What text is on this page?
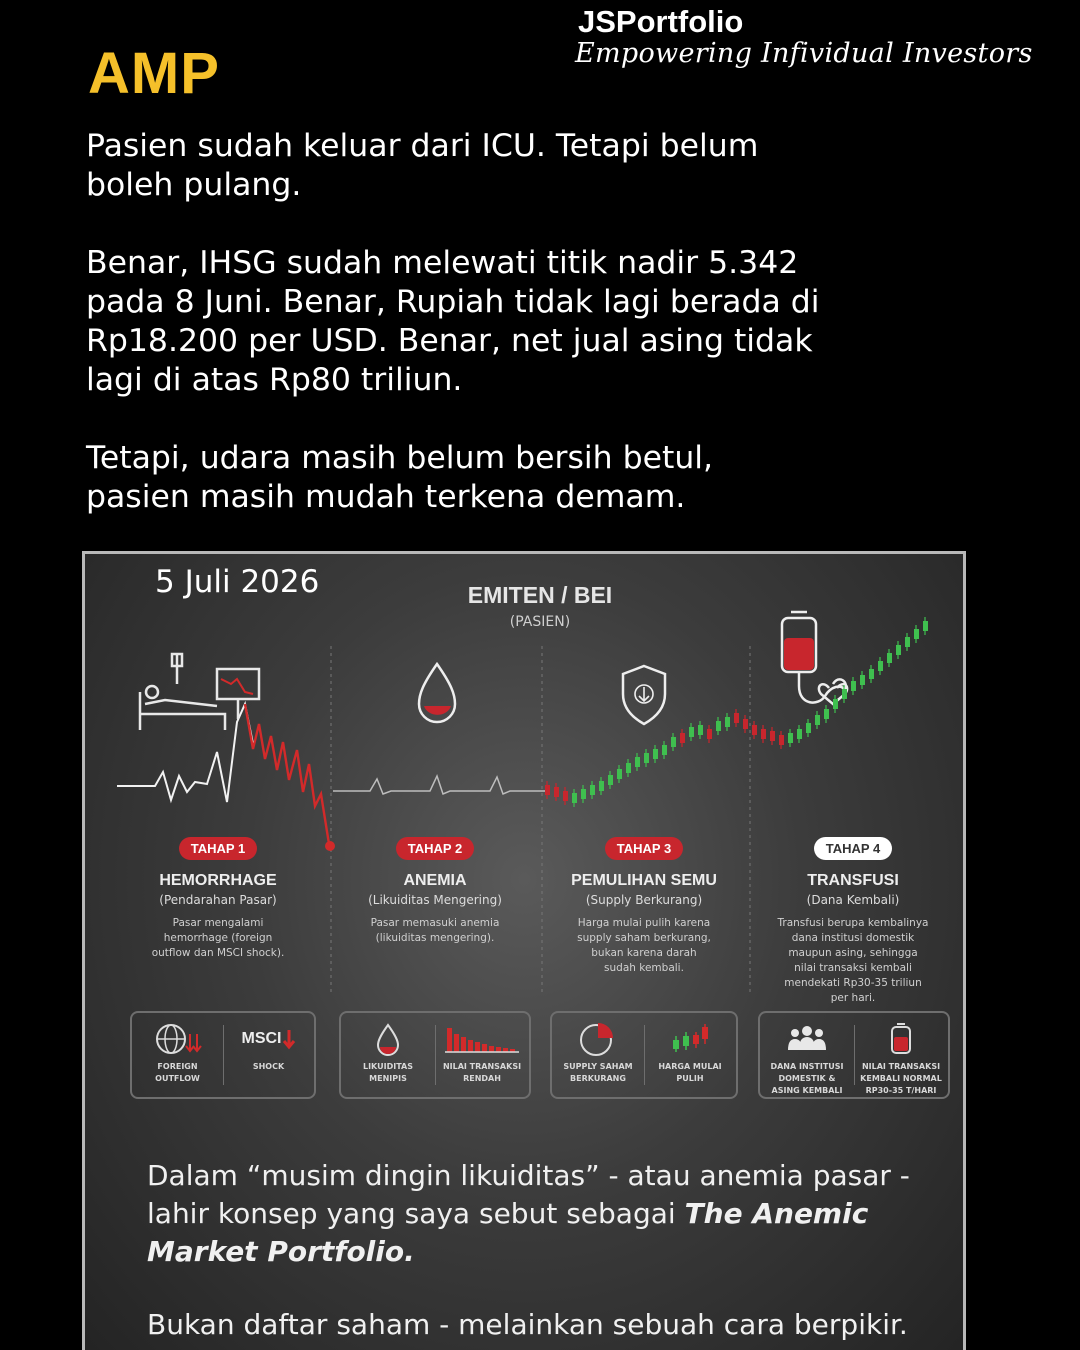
AMP
JSPortfolio
Empowering Infividual Investors

Pasien sudah keluar dari ICU. Tetapi belum boleh pulang.

Benar, IHSG sudah melewati titik nadir 5.342 pada 8 Juni. Benar, Rupiah tidak lagi berada di Rp18.200 per USD. Benar, net jual asing tidak lagi di atas Rp80 triliun.

Tetapi, udara masih belum bersih betul, pasien masih mudah terkena demam.

5 Juli 2026	EMITEN / BEI
(PASIEN)
TAHAP 1
HEMORRHAGE
(Pendarahan Pasar)
Pasar mengalami hemorrhage (foreign outflow dan MSCI shock).
TAHAP 2
ANEMIA
(Likuiditas Mengering)
Pasar memasuki anemia (likuiditas mengering).
TAHAP 3
PEMULIHAN SEMU
(Supply Berkurang)
Harga mulai pulih karena supply saham berkurang, bukan karena darah sudah kembali.
TAHAP 4
TRANSFUSI
(Dana Kembali)
Transfusi berupa kembalinya dana institusi domestik maupun asing, sehingga nilai transaksi kembali mendekati Rp30-35 triliun per hari.
FOREIGN OUTFLOW
MSCI
SHOCK	LIKUIDITAS MENIPIS
NILAI TRANSAKSI RENDAH
SUPPLY SAHAM BERKURANG
HARGA MULAI PULIH
DANA INSTITUSI DOMESTIK & ASING KEMBALI
NILAI TRANSAKSI KEMBALI NORMAL RP30-35 T/HARI
Dalam “musim dingin likuiditas” - atau anemia pasar - lahir konsep yang saya sebut sebagai The Anemic Market Portfolio.
Bukan daftar saham - melainkan sebuah cara berpikir.
